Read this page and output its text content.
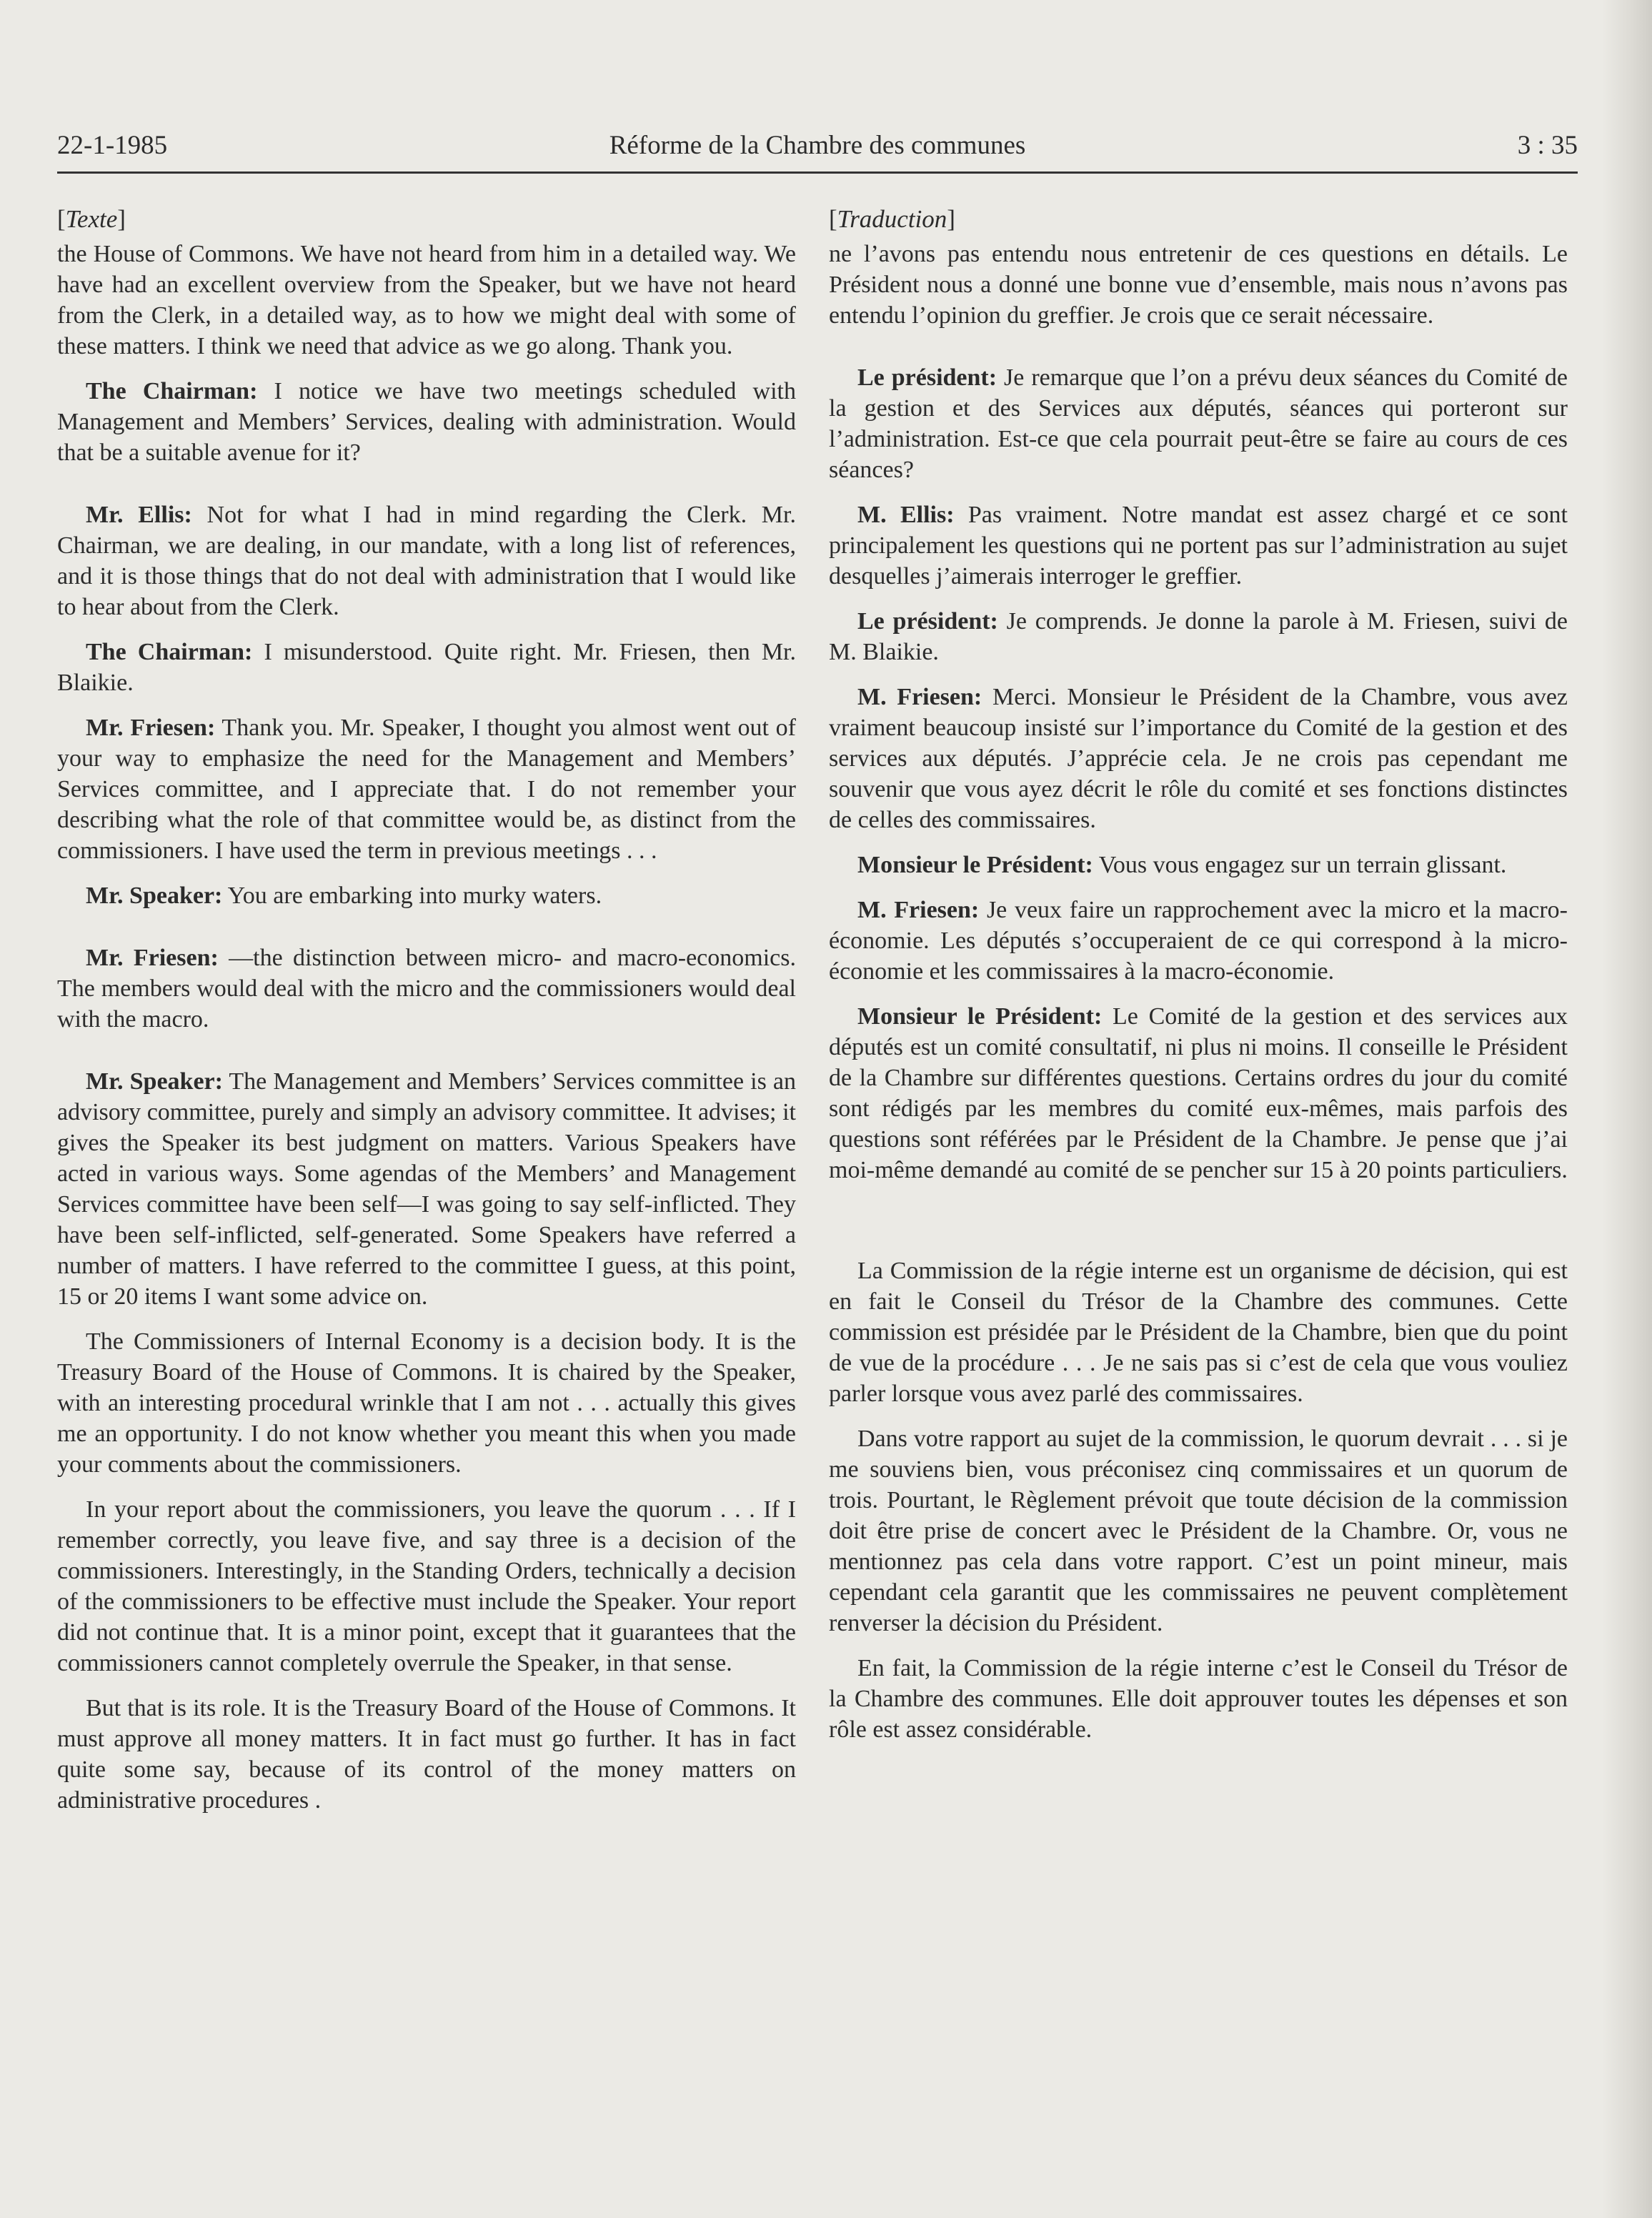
22-1-1985	Réforme de la Chambre des communes	3 : 35
[Texte]

the House of Commons. We have not heard from him in a detailed way. We have had an excellent overview from the Speaker, but we have not heard from the Clerk, in a detailed way, as to how we might deal with some of these matters. I think we need that advice as we go along. Thank you.

The Chairman: I notice we have two meetings scheduled with Management and Members’ Services, dealing with administration. Would that be a suitable avenue for it?

Mr. Ellis: Not for what I had in mind regarding the Clerk. Mr. Chairman, we are dealing, in our mandate, with a long list of references, and it is those things that do not deal with administration that I would like to hear about from the Clerk.

The Chairman: I misunderstood. Quite right. Mr. Friesen, then Mr. Blaikie.

Mr. Friesen: Thank you. Mr. Speaker, I thought you almost went out of your way to emphasize the need for the Management and Members’ Services committee, and I appreciate that. I do not remember your describing what the role of that committee would be, as distinct from the commissioners. I have used the term in previous meetings . . .

Mr. Speaker: You are embarking into murky waters.

Mr. Friesen: —the distinction between micro- and macro-economics. The members would deal with the micro and the commissioners would deal with the macro.

Mr. Speaker: The Management and Members’ Services committee is an advisory committee, purely and simply an advisory committee. It advises; it gives the Speaker its best judgment on matters. Various Speakers have acted in various ways. Some agendas of the Members’ and Management Services committee have been self—I was going to say self-inflicted. They have been self-inflicted, self-generated. Some Speakers have referred a number of matters. I have referred to the committee I guess, at this point, 15 or 20 items I want some advice on.

The Commissioners of Internal Economy is a decision body. It is the Treasury Board of the House of Commons. It is chaired by the Speaker, with an interesting procedural wrinkle that I am not . . . actually this gives me an opportunity. I do not know whether you meant this when you made your comments about the commissioners.

In your report about the commissioners, you leave the quorum . . . If I remember correctly, you leave five, and say three is a decision of the commissioners. Interestingly, in the Standing Orders, technically a decision of the commissioners to be effective must include the Speaker. Your report did not continue that. It is a minor point, except that it guarantees that the commissioners cannot completely overrule the Speaker, in that sense.

But that is its role. It is the Treasury Board of the House of Commons. It must approve all money matters. It in fact must go further. It has in fact quite some say, because of its control of the money matters on administrative procedures .

[Traduction]

ne l’avons pas entendu nous entretenir de ces questions en détails. Le Président nous a donné une bonne vue d’ensemble, mais nous n’avons pas entendu l’opinion du greffier. Je crois que ce serait nécessaire.

Le président: Je remarque que l’on a prévu deux séances du Comité de la gestion et des Services aux députés, séances qui porteront sur l’administration. Est-ce que cela pourrait peut-être se faire au cours de ces séances?

M. Ellis: Pas vraiment. Notre mandat est assez chargé et ce sont principalement les questions qui ne portent pas sur l’administration au sujet desquelles j’aimerais interroger le greffier.

Le président: Je comprends. Je donne la parole à M. Friesen, suivi de M. Blaikie.

M. Friesen: Merci. Monsieur le Président de la Chambre, vous avez vraiment beaucoup insisté sur l’importance du Comité de la gestion et des services aux députés. J’apprécie cela. Je ne crois pas cependant me souvenir que vous ayez décrit le rôle du comité et ses fonctions distinctes de celles des commissaires.

Monsieur le Président: Vous vous engagez sur un terrain glissant.

M. Friesen: Je veux faire un rapprochement avec la micro et la macro-économie. Les députés s’occuperaient de ce qui correspond à la micro-économie et les commissaires à la macro-économie.

Monsieur le Président: Le Comité de la gestion et des services aux députés est un comité consultatif, ni plus ni moins. Il conseille le Président de la Chambre sur différentes questions. Certains ordres du jour du comité sont rédigés par les membres du comité eux-mêmes, mais parfois des questions sont référées par le Président de la Chambre. Je pense que j’ai moi-même demandé au comité de se pencher sur 15 à 20 points particuliers.

La Commission de la régie interne est un organisme de décision, qui est en fait le Conseil du Trésor de la Chambre des communes. Cette commission est présidée par le Président de la Chambre, bien que du point de vue de la procédure . . . Je ne sais pas si c’est de cela que vous vouliez parler lorsque vous avez parlé des commissaires.

Dans votre rapport au sujet de la commission, le quorum devrait . . . si je me souviens bien, vous préconisez cinq commissaires et un quorum de trois. Pourtant, le Règlement prévoit que toute décision de la commission doit être prise de concert avec le Président de la Chambre. Or, vous ne mentionnez pas cela dans votre rapport. C’est un point mineur, mais cependant cela garantit que les commissaires ne peuvent complètement renverser la décision du Président.

En fait, la Commission de la régie interne c’est le Conseil du Trésor de la Chambre des communes. Elle doit approuver toutes les dépenses et son rôle est assez considérable.
